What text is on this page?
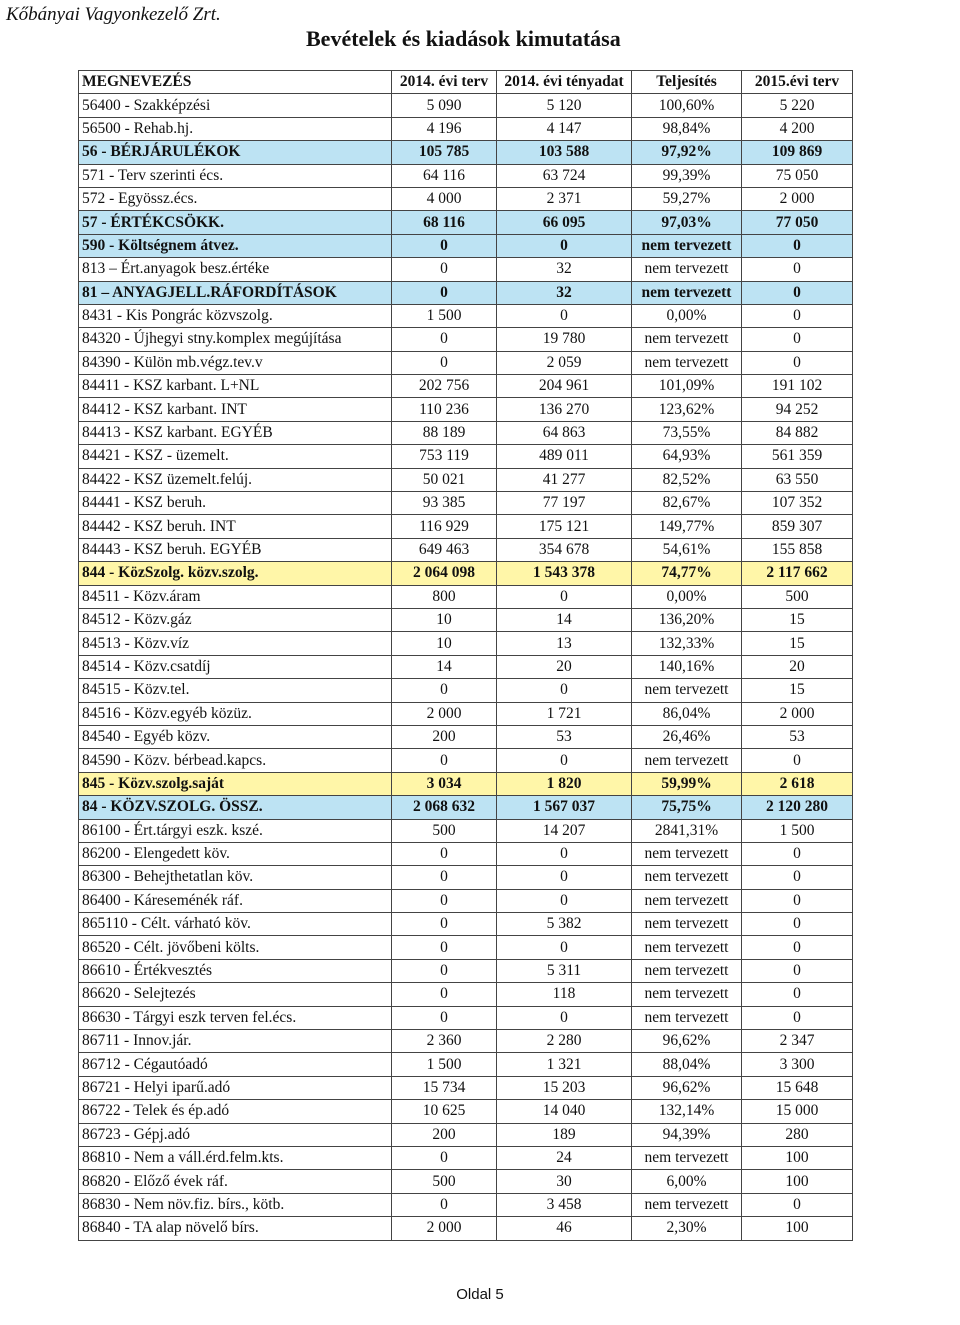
Kőbányai Vagyonkezelő Zrt.
Bevételek és kiadások kimutatása
MEGNEVEZÉS	2014. évi terv	2014. évi tényadat	Teljesítés	2015.évi terv
56400 - Szakképzési	5 090	5 120	100,60%	5 220
56500 - Rehab.hj.	4 196	4 147	98,84%	4 200
56 - BÉRJÁRULÉKOK	105 785	103 588	97,92%	109 869
571 - Terv szerinti écs.	64 116	63 724	99,39%	75 050
572 - Egyössz.écs.	4 000	2 371	59,27%	2 000
57 - ÉRTÉKCSÖKK.	68 116	66 095	97,03%	77 050
590 - Költségnem átvez.	0	0	nem tervezett	0
813 – Ért.anyagok besz.értéke	0	32	nem tervezett	0
81 – ANYAGJELL.RÁFORDÍTÁSOK	0	32	nem tervezett	0
8431 - Kis Pongrác közvszolg.	1 500	0	0,00%	0
84320 - Újhegyi stny.komplex megújítása	0	19 780	nem tervezett	0
84390 - Külön mb.végz.tev.v	0	2 059	nem tervezett	0
84411 - KSZ karbant. L+NL	202 756	204 961	101,09%	191 102
84412 - KSZ karbant. INT	110 236	136 270	123,62%	94 252
84413 - KSZ karbant. EGYÉB	88 189	64 863	73,55%	84 882
84421 - KSZ - üzemelt.	753 119	489 011	64,93%	561 359
84422 - KSZ üzemelt.felúj.	50 021	41 277	82,52%	63 550
84441 - KSZ beruh.	93 385	77 197	82,67%	107 352
84442 - KSZ beruh. INT	116 929	175 121	149,77%	859 307
84443 - KSZ beruh. EGYÉB	649 463	354 678	54,61%	155 858
844 - KözSzolg. közv.szolg.	2 064 098	1 543 378	74,77%	2 117 662
84511 - Közv.áram	800	0	0,00%	500
84512 - Közv.gáz	10	14	136,20%	15
84513 - Közv.víz	10	13	132,33%	15
84514 - Közv.csatdíj	14	20	140,16%	20
84515 - Közv.tel.	0	0	nem tervezett	15
84516 - Közv.egyéb közüz.	2 000	1 721	86,04%	2 000
84540 - Egyéb közv.	200	53	26,46%	53
84590 - Közv. bérbead.kapcs.	0	0	nem tervezett	0
845 - Közv.szolg.saját	3 034	1 820	59,99%	2 618
84 - KÖZV.SZOLG. ÖSSZ.	2 068 632	1 567 037	75,75%	2 120 280
86100 - Ért.tárgyi eszk. kszé.	500	14 207	2841,31%	1 500
86200 - Elengedett köv.	0	0	nem tervezett	0
86300 - Behejthetatlan köv.	0	0	nem tervezett	0
86400 - Káreseménék ráf.	0	0	nem tervezett	0
865110 - Célt. várható köv.	0	5 382	nem tervezett	0
86520 - Célt. jövőbeni költs.	0	0	nem tervezett	0
86610 - Értékvesztés	0	5 311	nem tervezett	0
86620 - Selejtezés	0	118	nem tervezett	0
86630 - Tárgyi eszk terven fel.écs.	0	0	nem tervezett	0
86711 - Innov.jár.	2 360	2 280	96,62%	2 347
86712 - Cégautóadó	1 500	1 321	88,04%	3 300
86721 - Helyi iparű.adó	15 734	15 203	96,62%	15 648
86722 - Telek és ép.adó	10 625	14 040	132,14%	15 000
86723 - Gépj.adó	200	189	94,39%	280
86810 - Nem a váll.érd.felm.kts.	0	24	nem tervezett	100
86820 - Előző évek ráf.	500	30	6,00%	100
86830 - Nem növ.fiz. bírs., kötb.	0	3 458	nem tervezett	0
86840 - TA alap növelő bírs.	2 000	46	2,30%	100
Oldal 5
